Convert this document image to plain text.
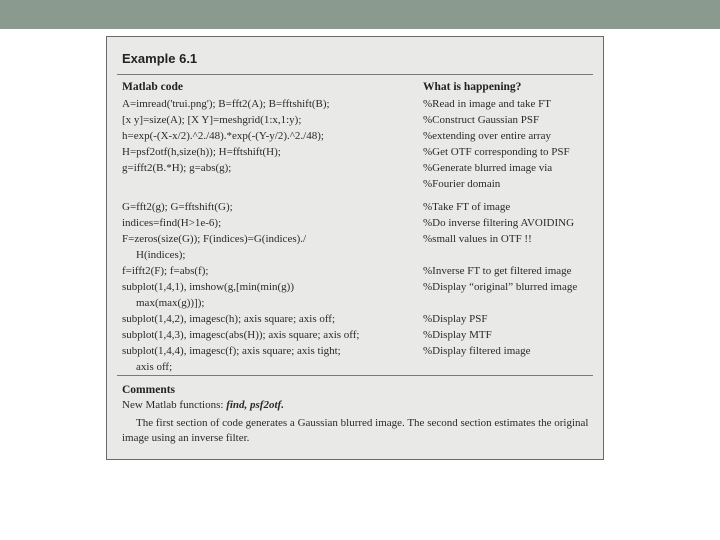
Example 6.1
Matlab code	What is happening?
A=imread('trui.png'); B=fft2(A); B=fftshift(B);
[x y]=size(A); [X Y]=meshgrid(1:x,1:y);
h=exp(-(X-x/2).^2./48).*exp(-(Y-y/2).^2./48);
H=psf2otf(h,size(h)); H=fftshift(H);
g=ifft2(B.*H); g=abs(g);
%Read in image and take FT
%Construct Gaussian PSF
%extending over entire array
%Get OTF corresponding to PSF
%Generate blurred image via
%Fourier domain
G=fft2(g); G=fftshift(G);
indices=find(H>1e-6);
F=zeros(size(G)); F(indices)=G(indices)./
H(indices);
f=ifft2(F); f=abs(f);
subplot(1,4,1), imshow(g,[min(min(g))
max(max(g))]);
subplot(1,4,2), imagesc(h); axis square; axis off;
subplot(1,4,3), imagesc(abs(H)); axis square; axis off;
subplot(1,4,4), imagesc(f); axis square; axis tight;
axis off;
%Take FT of image
%Do inverse filtering AVOIDING
%small values in OTF !!
%Inverse FT to get filtered image
%Display “original” blurred image
%Display PSF
%Display MTF
%Display filtered image
Comments
New Matlab functions: find, psf2otf.
The first section of code generates a Gaussian blurred image. The second section estimates the original image using an inverse filter.
